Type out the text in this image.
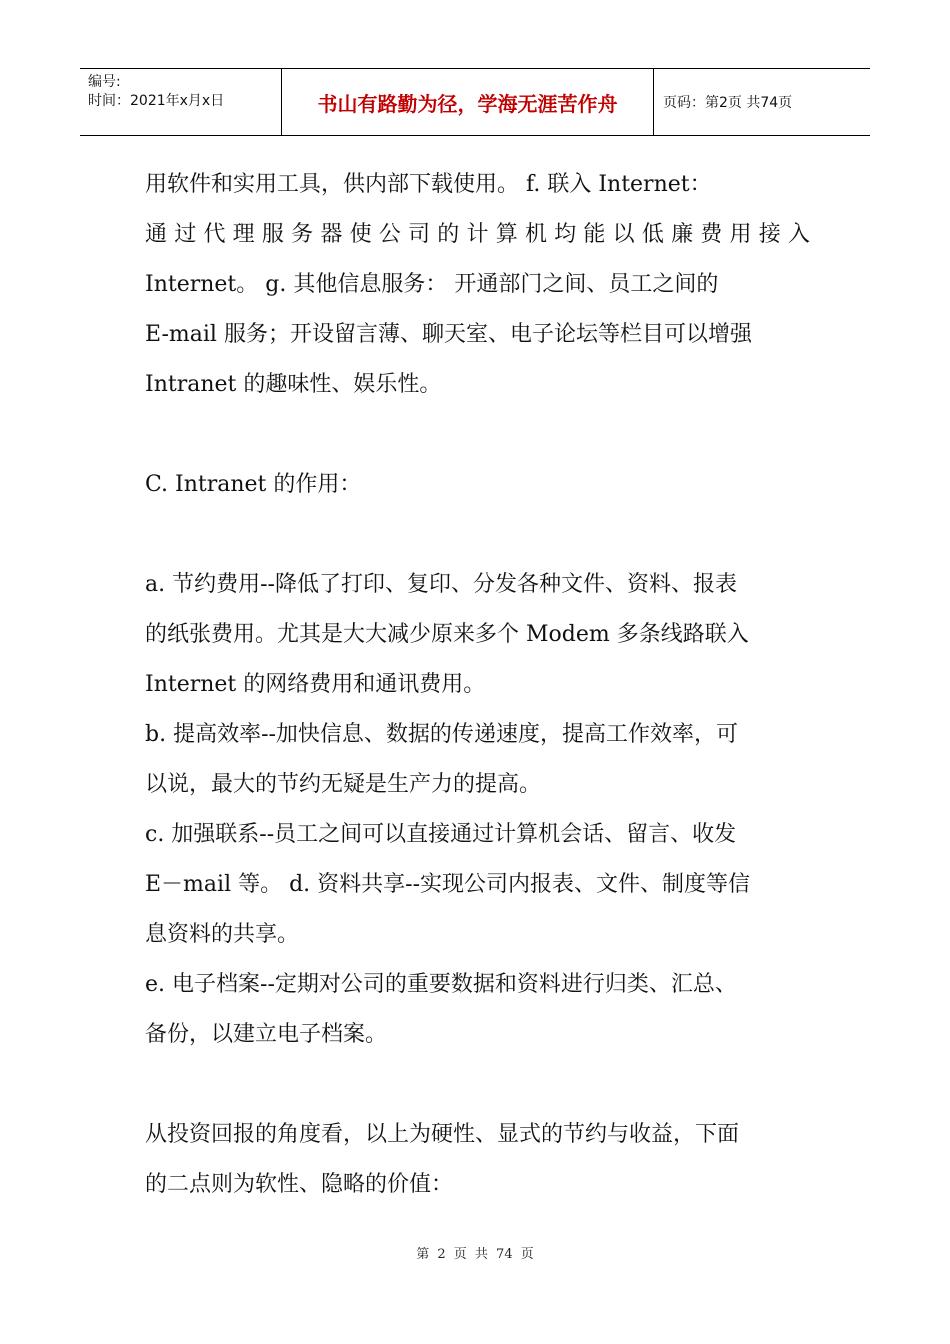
编号:
时间：2021年x月x日	书山有路勤为径，学海无涯苦作舟	页码：第2页 共74页

用软件和实用工具，供内部下载使用。 f. 联入 Internet：

通过代理服务器使公司的计算机均能以低廉费用接入

Internet。 g. 其他信息服务： 开通部门之间、员工之间的

E-mail 服务；开设留言薄、聊天室、电子论坛等栏目可以增强

Intranet 的趣味性、娱乐性。

C. Intranet 的作用：

a. 节约费用--降低了打印、复印、分发各种文件、资料、报表

的纸张费用。尤其是大大减少原来多个 Modem 多条线路联入

Internet 的网络费用和通讯费用。

b. 提高效率--加快信息、数据的传递速度，提高工作效率，可

以说，最大的节约无疑是生产力的提高。

c. 加强联系--员工之间可以直接通过计算机会话、留言、收发

E－mail 等。 d. 资料共享--实现公司内报表、文件、制度等信

息资料的共享。

e. 电子档案--定期对公司的重要数据和资料进行归类、汇总、

备份，以建立电子档案。

从投资回报的角度看，以上为硬性、显式的节约与收益，下面

的二点则为软性、隐略的价值：

第 2 页 共 74 页
